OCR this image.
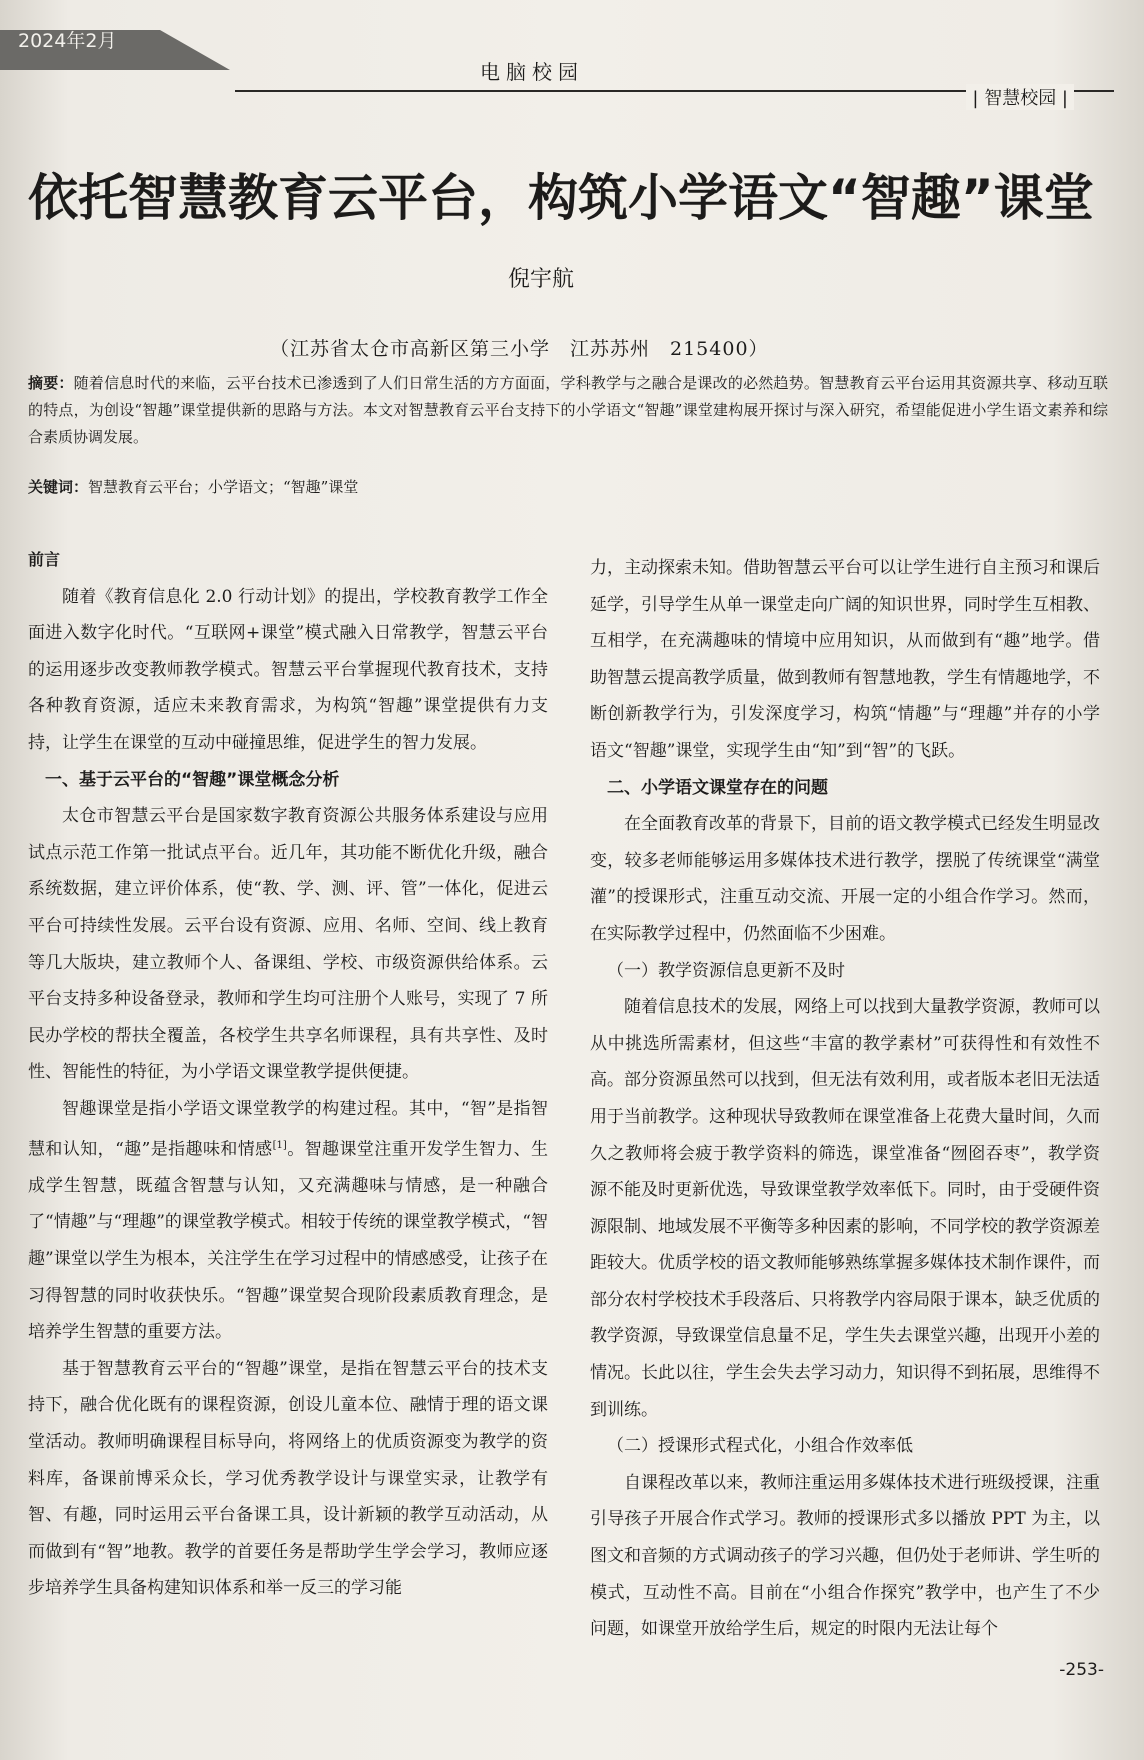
2024年2月
电脑校园
| 智慧校园 |
依托智慧教育云平台，构筑小学语文“智趣”课堂
倪宇航
（江苏省太仓市高新区第三小学　江苏苏州　215400）
摘要：随着信息时代的来临，云平台技术已渗透到了人们日常生活的方方面面，学科教学与之融合是课改的必然趋势。智慧教育云平台运用其资源共享、移动互联的特点，为创设“智趣”课堂提供新的思路与方法。本文对智慧教育云平台支持下的小学语文“智趣”课堂建构展开探讨与深入研究，希望能促进小学生语文素养和综合素质协调发展。
关键词：智慧教育云平台；小学语文；“智趣”课堂

前言

随着《教育信息化 2.0 行动计划》的提出，学校教育教学工作全面进入数字化时代。“互联网+课堂”模式融入日常教学，智慧云平台的运用逐步改变教师教学模式。智慧云平台掌握现代教育技术，支持各种教育资源，适应未来教育需求，为构筑“智趣”课堂提供有力支持，让学生在课堂的互动中碰撞思维，促进学生的智力发展。

一、基于云平台的“智趣”课堂概念分析

太仓市智慧云平台是国家数字教育资源公共服务体系建设与应用试点示范工作第一批试点平台。近几年，其功能不断优化升级，融合系统数据，建立评价体系，使“教、学、测、评、管”一体化，促进云平台可持续性发展。云平台设有资源、应用、名师、空间、线上教育等几大版块，建立教师个人、备课组、学校、市级资源供给体系。云平台支持多种设备登录，教师和学生均可注册个人账号，实现了 7 所民办学校的帮扶全覆盖，各校学生共享名师课程，具有共享性、及时性、智能性的特征，为小学语文课堂教学提供便捷。

智趣课堂是指小学语文课堂教学的构建过程。其中，“智”是指智慧和认知，“趣”是指趣味和情感[1]。智趣课堂注重开发学生智力、生成学生智慧，既蕴含智慧与认知，又充满趣味与情感，是一种融合了“情趣”与“理趣”的课堂教学模式。相较于传统的课堂教学模式，“智趣”课堂以学生为根本，关注学生在学习过程中的情感感受，让孩子在习得智慧的同时收获快乐。“智趣”课堂契合现阶段素质教育理念，是培养学生智慧的重要方法。

基于智慧教育云平台的“智趣”课堂，是指在智慧云平台的技术支持下，融合优化既有的课程资源，创设儿童本位、融情于理的语文课堂活动。教师明确课程目标导向，将网络上的优质资源变为教学的资料库，备课前博采众长，学习优秀教学设计与课堂实录，让教学有智、有趣，同时运用云平台备课工具，设计新颖的教学互动活动，从而做到有“智”地教。教学的首要任务是帮助学生学会学习，教师应逐步培养学生具备构建知识体系和举一反三的学习能

力，主动探索未知。借助智慧云平台可以让学生进行自主预习和课后延学，引导学生从单一课堂走向广阔的知识世界，同时学生互相教、互相学，在充满趣味的情境中应用知识，从而做到有“趣”地学。借助智慧云提高教学质量，做到教师有智慧地教，学生有情趣地学，不断创新教学行为，引发深度学习，构筑“情趣”与“理趣”并存的小学语文“智趣”课堂，实现学生由“知”到“智”的飞跃。

二、小学语文课堂存在的问题

在全面教育改革的背景下，目前的语文教学模式已经发生明显改变，较多老师能够运用多媒体技术进行教学，摆脱了传统课堂“满堂灌”的授课形式，注重互动交流、开展一定的小组合作学习。然而，在实际教学过程中，仍然面临不少困难。

（一）教学资源信息更新不及时

随着信息技术的发展，网络上可以找到大量教学资源，教师可以从中挑选所需素材，但这些“丰富的教学素材”可获得性和有效性不高。部分资源虽然可以找到，但无法有效利用，或者版本老旧无法适用于当前教学。这种现状导致教师在课堂准备上花费大量时间，久而久之教师将会疲于教学资料的筛选，课堂准备“囫囵吞枣”，教学资源不能及时更新优选，导致课堂教学效率低下。同时，由于受硬件资源限制、地域发展不平衡等多种因素的影响，不同学校的教学资源差距较大。优质学校的语文教师能够熟练掌握多媒体技术制作课件，而部分农村学校技术手段落后、只将教学内容局限于课本，缺乏优质的教学资源，导致课堂信息量不足，学生失去课堂兴趣，出现开小差的情况。长此以往，学生会失去学习动力，知识得不到拓展，思维得不到训练。

（二）授课形式程式化，小组合作效率低

自课程改革以来，教师注重运用多媒体技术进行班级授课，注重引导孩子开展合作式学习。教师的授课形式多以播放 PPT 为主，以图文和音频的方式调动孩子的学习兴趣，但仍处于老师讲、学生听的模式，互动性不高。目前在“小组合作探究”教学中，也产生了不少问题，如课堂开放给学生后，规定的时限内无法让每个

-253-
